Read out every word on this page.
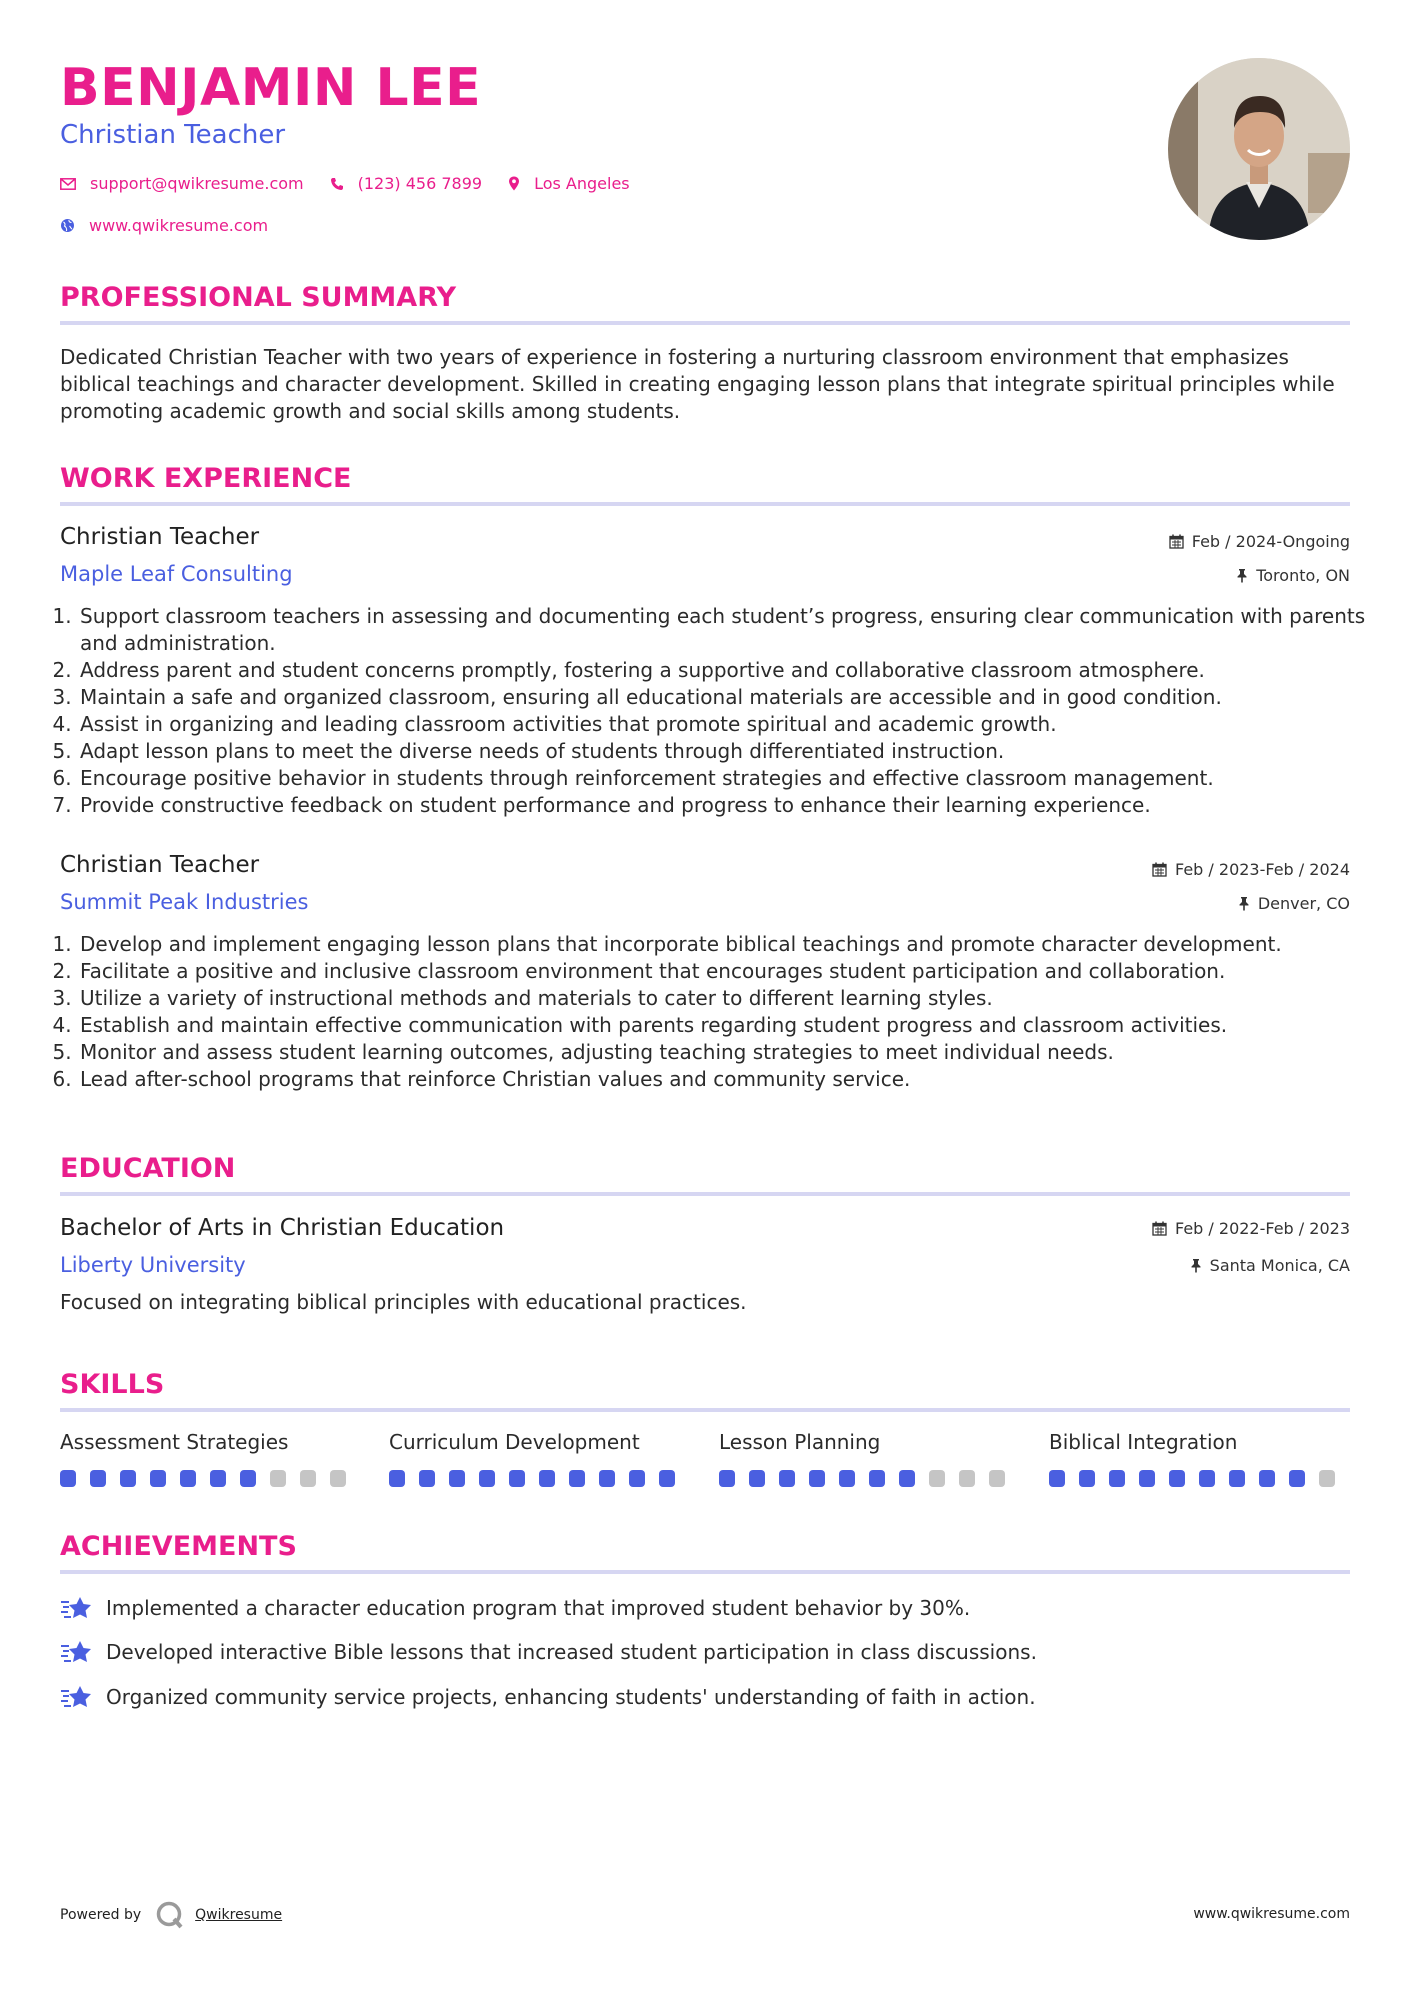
BENJAMIN LEE
Christian Teacher
support@qwikresume.com	(123) 456 7899	Los Angeles
www.qwikresume.com
PROFESSIONAL SUMMARY
Dedicated Christian Teacher with two years of experience in fostering a nurturing classroom environment that emphasizes biblical teachings and character development. Skilled in creating engaging lesson plans that integrate spiritual principles while promoting academic growth and social skills among students.
WORK EXPERIENCE
Christian Teacher	Feb / 2024-Ongoing
Maple Leaf Consulting	Toronto, ON
1. Support classroom teachers in assessing and documenting each student’s progress, ensuring clear communication with parents and administration.
2. Address parent and student concerns promptly, fostering a supportive and collaborative classroom atmosphere.
3. Maintain a safe and organized classroom, ensuring all educational materials are accessible and in good condition.
4. Assist in organizing and leading classroom activities that promote spiritual and academic growth.
5. Adapt lesson plans to meet the diverse needs of students through differentiated instruction.
6. Encourage positive behavior in students through reinforcement strategies and effective classroom management.
7. Provide constructive feedback on student performance and progress to enhance their learning experience.
Christian Teacher	Feb / 2023-Feb / 2024
Summit Peak Industries	Denver, CO
1. Develop and implement engaging lesson plans that incorporate biblical teachings and promote character development.
2. Facilitate a positive and inclusive classroom environment that encourages student participation and collaboration.
3. Utilize a variety of instructional methods and materials to cater to different learning styles.
4. Establish and maintain effective communication with parents regarding student progress and classroom activities.
5. Monitor and assess student learning outcomes, adjusting teaching strategies to meet individual needs.
6. Lead after-school programs that reinforce Christian values and community service.
EDUCATION
Bachelor of Arts in Christian Education	Feb / 2022-Feb / 2023
Liberty University	Santa Monica, CA
Focused on integrating biblical principles with educational practices.
SKILLS
Assessment Strategies	Curriculum Development	Lesson Planning	Biblical Integration
ACHIEVEMENTS
Implemented a character education program that improved student behavior by 30%.
Developed interactive Bible lessons that increased student participation in class discussions.
Organized community service projects, enhancing students' understanding of faith in action.
Powered by	Qwikresume	www.qwikresume.com
